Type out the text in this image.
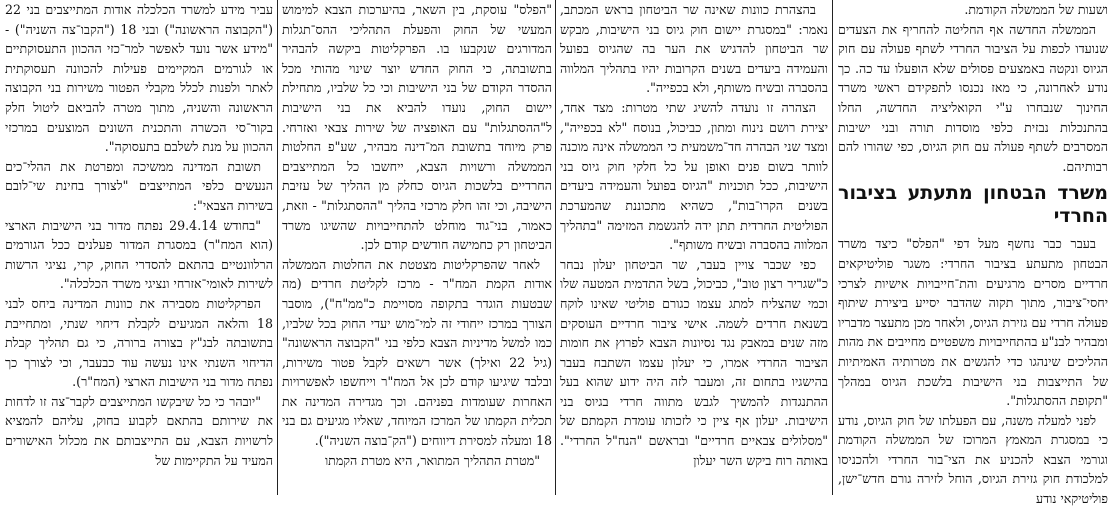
ושעות של הממשלה הקודמת.

הממשלה החדשה אף החליטה להחריף את הצעדים שנועדו לכפות על הציבור החרדי לשתף פעולה עם חוק הגיוס ונקטה באמצעים פסולים שלא הופעלו עד כה. כך נודע לאחרונה, כי מאז נכנסו לתפקידם ראשי משרד החינוך שנבחרו ע"י הקואליציה החדשה, החלו בהתנכלות נבזית כלפי מוסדות תורה ובני ישיבות המסרבים לשתף פעולה עם חוק הגיוס, כפי שהורו להם רבותיהם.

משרד הבטחון מתעתע בציבור החרדי

בעבר כבר נחשף מעל דפי "הפלס" כיצד משרד הבטחון מתעתע בציבור החרדי: משגר פוליטיקאים חרדיים מסרים מרגיעים והת־חייבויות אישיות לצרכי יחסי־ציבור, מתוך תקוה שהדבר יסייע ביצירת שיתוף פעולה חרדי עם גזירת הגיוס, ולאחר מכן מתעצר מדבריו ומבהיר לבנ"ע בהתחייבויות משפטיים מחייבים את מהות ההליכים שינהגו כדי להגשים את מטרותיה האמיתיות של התייצבות בני הישיבות בלשכת הגיוס במהלך "תקופת ההסתגלות".

לפני למעלה משנה, עם הפעלתו של חוק הגיוס, נודע כי במסגרת המאמץ המרוכז של הממשלה הקודמת וגורמי הצבא להכניע את הצי־בור החרדי ולהכניסו למלכודת חוק גזירת הגיוס, הוחל לזירה גורם חדש־ישן, פוליטיקאי נודע

בהצהרת כוונות שאינה שר הביטחון בראש המכתב, נאמר: "במסגרת יישום חוק גיוס בני הישיבות, מבקש שר הביטחון להדגיש את הער בה שהגיוס בפועל והעמידה ביעדים בשנים הקרובות יהיו בתהליך המלווה בהסברה ובשיח משותף, ולא בכפייה".

הצהרה זו נועדה להשיג שתי מטרות: מצד אחד, יצירת רושם נינוח ומתון, כביכול, בנוסח "לא בכפייה", ומצד שני הבהרה חד־משמעית כי הממשלה אינה מוכנה לוותר בשום פנים ואופן על כל חלקי חוק גיוס בני הישיבות, ככל תוכניות "הגיוס בפועל והעמידה ביעדים בשנים הקרו־בות", כשהיא מתכוננת שהמערכת הפוליטית החרדית תתן ידה להגשמת המזימה "בתהליך המלווה בהסברה ובשיח משותף".

כפי שכבר צויין בעבר, שר הביטחון יעלון נבחר כ"שגריר רצון טוב", כביכול, בשל התדמית המטעה שלו וכמי שהצליח למתג עצמו כגורם פוליטי שאינו לוקח בשנאת חרדים לשמה. אישי ציבור חרדיים העוסקים מזה שנים במאבק נגד נסיונות הצבא לפרוץ את חומות הציבור החרדי אמרו, כי יעלון עצמו השתבח בעבר בהישגיו בתחום זה, ומעבר לזה היה ידוע שהוא בעל ההתנגדות להמשיך לגבש מתווה חרדי בגיוס בני הישיבות. יעלון אף ציין כי לזכותו עומדת הקמתם של "מסלולים צבאיים חרדיים" ובראשם "הנח"ל החרדי". באותה רוח ביקש השר יעלון

"הפלס" עוסקת, בין השאר, בהיערכות הצבא למימוש המעשי של החוק והפעלת התהליכי ההס־תגלות המדורגים שנקבעו בו. הפרקליטות ביקשה להבהיר בתשובתה, כי החוק החדש יוצר שינוי מהותי מכל ההסדר הקודם של בני הישיבות וכי כל שלביו, מתחילת יישום החוק, נועדו להביא את בני הישיבות ל"ההסתגלות" עם האופציה של שירות צבאי ואזרחי. פרק מיוחד בתשובת המ־דינה מבהיר, שע"פ החלטות הממשלה ורשויות הצבא, ייחשבו כל המתייצבים החרדיים בלשכות הגיוס כחלק מן ההליך של עזיבת הישיבה, וכי זהו חלק מרכזי בהליך "ההסתגלות" - וזאת, כאמור, בני־גוד מוחלט להתחייבויות שהשיגו משרד הביטחון רק כחמישה חודשים קודם לכן.

לאחר שהפרקליטות מצטטת את החלטות הממשלה אודות הקמת המח"ר - מרכז לקליטת חרדים (מה שבטעות הוגדר בתקופה מסויימת כ"ממ"ח"), מוסבר הצורך במרכז ייחודי זה למי־מוש יעדי החוק בכל שלביו, כמו למשל מדיניות הצבא כלפי בני "הקבוצה הראשונה" (גיל 22 ואילך) אשר רשאים לקבל פטור משירות, ובלבד שיגיעו קודם לכן אל המח"ר וייחשפו לאפשרויות האחרות שעומדות בפניהם. וכך מגדירה המדינה את תכלית הקמתו של המרכז המיוחד, שאליו מגיעים גם בני 18 ומעלה למסירת דיווחים ("הק־בוצה השניה").

"מטרת התהליך המתואר, היא מטרת הקמתו

עביר מידע למשרד הכלכלה אודות המתייצבים בני 22 ("הקבוצה הראשונה") ובני 18 ("הקבו־צה השניה") - "מידע אשר נועד לאפשר למר־כזי ההכוון התעסוקתיים או לגורמים המקיימים פעילות להכוונה תעסוקתית לאתר ולפנות לכלל מקבלי הפטור משירות בני הקבוצה הראשונה והשניה, מתוך מטרה להביאם ליטול חלק בקור־סי הכשרה והתכנית השונים המוצעים במרכזי ההכוון על מנת לשלבם בתעסוקה".

תשובת המדינה ממשיכה ומפרטת את ההלי־כים הנעשים כלפי המתייצבים "לצורך בחינת שי־לובם בשירות הצבאי":

"בחודש 29.4.14 נפתח מדור בני הישיבות הארצי (הוא המח"ר) במסגרת המדור פעלנים ככל הגורמים הרלוונטיים בהתאם להסדרי החוק, קרי, נציגי הרשות לשירות לאומי־אזרחי ונציגי משרד הכלכלה".

הפרקליטות מסבירה את כוונות המדינה ביחס לבני 18 והלאה המגיעים לקבלת דיחוי שנתי, ומתחייבת בתשובתה לבג"ץ בצורה ברורה, כי גם תהליך קבלת הדיחוי השנתי אינו נעשה עוד כבעבר, וכי לצורך כך נפתח מדור בני הישיבות הארצי (המח"ר).

"יובהר כי כל שיבקשו המתייצבים לקבר־צה זו לדחות את שירותם בהתאם לקבוע בחוק, עליהם להמציא לרשויות הצבא, עם התייצבותם את מכלול האישורים המעיד על התקיימות של
